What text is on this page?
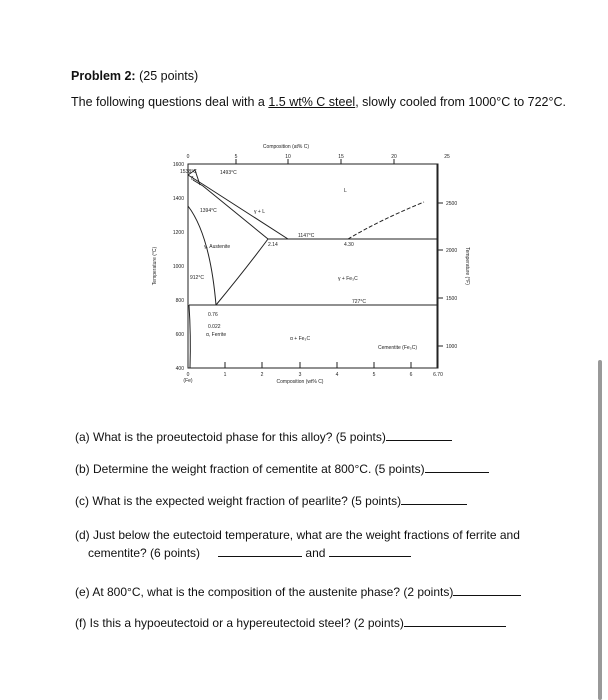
Problem 2: (25 points)
The following questions deal with a 1.5 wt% C steel, slowly cooled from 1000°C to 722°C.
1600
1400
1200
1000
800
600
400
Temperature (°C)
2500
2000
1500
1000
Temperature (°F)
Composition (at% C)
0	5	10	15	20	25
0
(Fe)
1	2	3	4	5	6	6.70
Composition (wt% C)
1538°C	1493°C
1394°C
1147°C
912°C
727°C
2.14	4.30
0.76
0.022
γ + L
L
γ, Austenite
γ + Fe₃C
α, Ferrite
α + Fe₃C
Cementite (Fe₃C)
δ
(a) What is the proeutectoid phase for this alloy? (5 points)
(b) Determine the weight fraction of cementite at 800°C. (5 points)
(c) What is the expected weight fraction of pearlite? (5 points)
(d) Just below the eutectoid temperature, what are the weight fractions of ferrite and
cementite? (6 points)	and
(e) At 800°C, what is the composition of the austenite phase? (2 points)
(f) Is this a hypoeutectoid or a hypereutectoid steel? (2 points)
